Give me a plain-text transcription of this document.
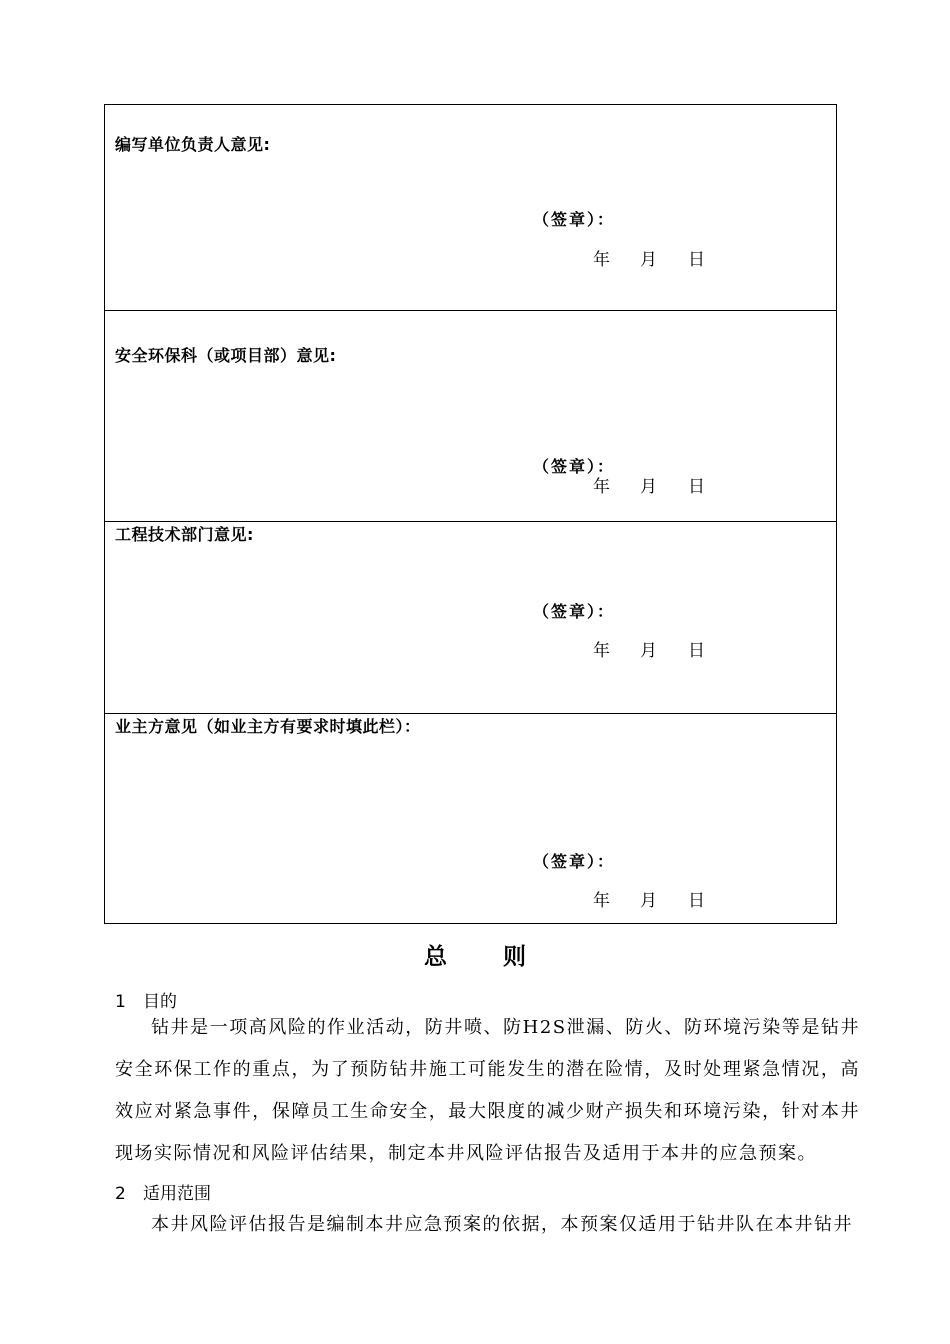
编写单位负责人意见:
（签章）：
年 月 日
安全环保科（或项目部）意见:
（签章）：
年 月 日
工程技术部门意见:
（签章）：
年 月 日
业主方意见（如业主方有要求时填此栏）：
（签章）：
年 月 日
总 则
1 目的
钻井是一项高风险的作业活动，防井喷、防H2S泄漏、防火、防环境污染等是钻井安全环保工作的重点，为了预防钻井施工可能发生的潜在险情，及时处理紧急情况，高效应对紧急事件，保障员工生命安全，最大限度的减少财产损失和环境污染，针对本井现场实际情况和风险评估结果，制定本井风险评估报告及适用于本井的应急预案。
2 适用范围
本井风险评估报告是编制本井应急预案的依据，本预案仅适用于钻井队在本井钻井
